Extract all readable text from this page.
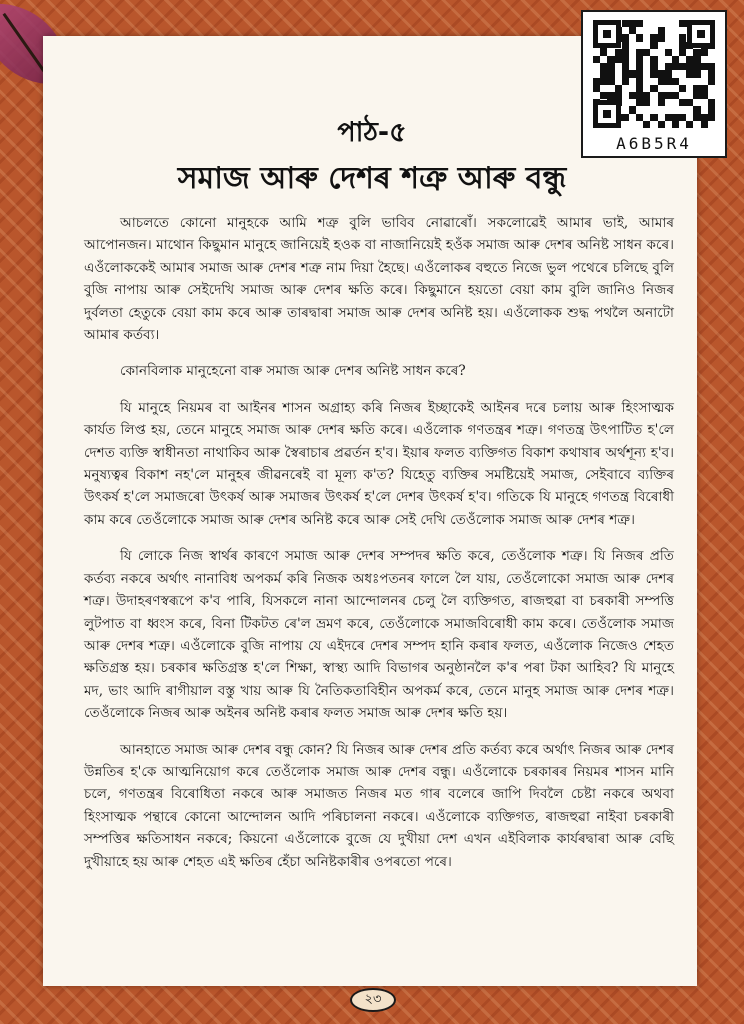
A6B5R4
পাঠ-৫
সমাজ আৰু দেশৰ শত্ৰু আৰু বন্ধু

আচলতে কোনো মানুহকে আমি শত্ৰু বুলি ভাবিব নোৱাৰোঁ। সকলোৱেই আমাৰ ভাই, আমাৰ আপোনজন। মাথোন কিছুমান মানুহে জানিয়েই হওক বা নাজানিয়েই হওঁক সমাজ আৰু দেশৰ অনিষ্ট সাধন কৰে। এওঁলোককেই আমাৰ সমাজ আৰু দেশৰ শত্ৰু নাম দিয়া হৈছে। এওঁলোকৰ বহুতে নিজে ভুল পথেৰে চলিছে বুলি বুজি নাপায় আৰু সেইদেখি সমাজ আৰু দেশৰ ক্ষতি কৰে। কিছুমানে হয়তো বেয়া কাম বুলি জানিও নিজৰ দুৰ্বলতা হেতুকে বেয়া কাম কৰে আৰু তাৰদ্বাৰা সমাজ আৰু দেশৰ অনিষ্ট হয়। এওঁলোকক শুদ্ধ পথলৈ অনাটো আমাৰ কৰ্তব্য।

কোনবিলাক মানুহেনো বাৰু সমাজ আৰু দেশৰ অনিষ্ট সাধন কৰে?

যি মানুহে নিয়মৰ বা আইনৰ শাসন অগ্ৰাহ্য কৰি নিজৰ ইচ্ছাকেই আইনৰ দৰে চলায় আৰু হিংসাত্মক কাৰ্যত লিপ্ত হয়, তেনে মানুহে সমাজ আৰু দেশৰ ক্ষতি কৰে। এওঁলোক গণতন্ত্ৰৰ শত্ৰু। গণতন্ত্ৰ উৎপাটিত হ'লে দেশত ব্যক্তি স্বাধীনতা নাথাকিব আৰু স্বৈৰাচাৰ প্ৰৱৰ্তন হ'ব। ইয়াৰ ফলত ব্যক্তিগত বিকাশ কথাষাৰ অৰ্থশূন্য হ'ব। মনুষ্যত্বৰ বিকাশ নহ'লে মানুহৰ জীৱনৰেই বা মূল্য ক'ত? যিহেতু ব্যক্তিৰ সমষ্টিয়েই সমাজ, সেইবাবে ব্যক্তিৰ উৎকৰ্ষ হ'লে সমাজৰো উৎকৰ্ষ আৰু সমাজৰ উৎকৰ্ষ হ'লে দেশৰ উৎকৰ্ষ হ'ব। গতিকে যি মানুহে গণতন্ত্ৰ বিৰোধী কাম কৰে তেওঁলোকে সমাজ আৰু দেশৰ অনিষ্ট কৰে আৰু সেই দেখি তেওঁলোক সমাজ আৰু দেশৰ শত্ৰু।

যি লোকে নিজ স্বাৰ্থৰ কাৰণে সমাজ আৰু দেশৰ সম্পদৰ ক্ষতি কৰে, তেওঁলোক শত্ৰু। যি নিজৰ প্ৰতি কৰ্তব্য নকৰে অৰ্থাৎ নানাবিধ অপকৰ্ম কৰি নিজক অধঃপতনৰ ফালে লৈ যায়, তেওঁলোকো সমাজ আৰু দেশৰ শত্ৰু। উদাহৰণস্বৰূপে ক'ব পাৰি, যিসকলে নানা আন্দোলনৰ চেলু লৈ ব্যক্তিগত, ৰাজহুৱা বা চৰকাৰী সম্পত্তি লুটপাত বা ধ্বংস কৰে, বিনা টিকটত ৰে'ল ভ্ৰমণ কৰে, তেওঁলোকে সমাজবিৰোধী কাম কৰে। তেওঁলোক সমাজ আৰু দেশৰ শত্ৰু। এওঁলোকে বুজি নাপায় যে এইদৰে দেশৰ সম্পদ হানি কৰাৰ ফলত, এওঁলোক নিজেও শেহত ক্ষতিগ্ৰস্ত হয়। চৰকাৰ ক্ষতিগ্ৰস্ত হ'লে শিক্ষা, স্বাস্থ্য আদি বিভাগৰ অনুষ্ঠানলৈ ক'ৰ পৰা টকা আহিব? যি মানুহে মদ, ভাং আদি ৰাগীয়াল বস্তু খায় আৰু যি নৈতিকতাবিহীন অপকৰ্ম কৰে, তেনে মানুহ সমাজ আৰু দেশৰ শত্ৰু। তেওঁলোকে নিজৰ আৰু অইনৰ অনিষ্ট কৰাৰ ফলত সমাজ আৰু দেশৰ ক্ষতি হয়।

আনহাতে সমাজ আৰু দেশৰ বন্ধু কোন? যি নিজৰ আৰু দেশৰ প্ৰতি কৰ্তব্য কৰে অৰ্থাৎ নিজৰ আৰু দেশৰ উন্নতিৰ হ'কে আত্মনিয়োগ কৰে তেওঁলোক সমাজ আৰু দেশৰ বন্ধু। এওঁলোকে চৰকাৰৰ নিয়মৰ শাসন মানি চলে, গণতন্ত্ৰৰ বিৰোধিতা নকৰে আৰু সমাজত নিজৰ মত গাৰ বলেৰে জাপি দিবলৈ চেষ্টা নকৰে অথবা হিংসাত্মক পন্থাৰে কোনো আন্দোলন আদি পৰিচালনা নকৰে। এওঁলোকে ব্যক্তিগত, ৰাজহুৱা নাইবা চৰকাৰী সম্পত্তিৰ ক্ষতিসাধন নকৰে; কিয়নো এওঁলোকে বুজে যে দুখীয়া দেশ এখন এইবিলাক কাৰ্যৰদ্বাৰা আৰু বেছি দুখীয়াহে হয় আৰু শেহত এই ক্ষতিৰ হেঁচা অনিষ্টকাৰীৰ ওপৰতো পৰে।

২৩
